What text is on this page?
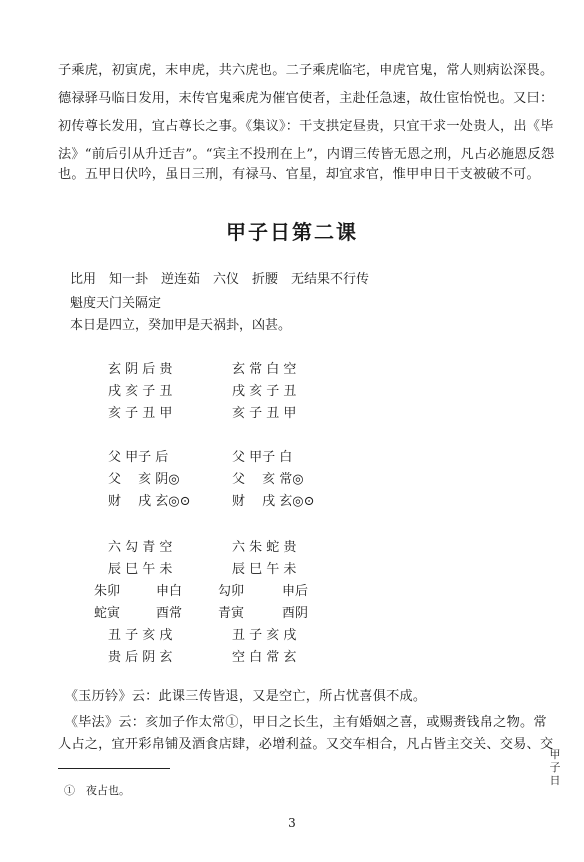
子乘虎，初寅虎，末申虎，共六虎也。二子乘虎临宅，申虎官鬼，常人则病讼深畏。
德禄驿马临日发用，末传官鬼乘虎为催官使者，主赴任急速，故仕宦怡悦也。又曰：
初传尊长发用，宜占尊长之事。《集议》：干支拱定昼贵，只宜干求一处贵人，出《毕
法》“前后引从升迁吉”。“宾主不投刑在上”，内谓三传皆无恩之刑，凡占必施恩反怨
也。五甲日伏吟，虽日三刑，有禄马、官星，却宜求官，惟甲申日干支被破不可。
甲子日第二课
比用　知一卦　逆连茹　六仪　折腰　无结果不行传
魁度天门关隔定
本日是四立，癸加甲是天祸卦，凶甚。
玄 阴 后 贵
戌 亥 子 丑
亥 子 丑 甲
玄 常 白 空
戌 亥 子 丑
亥 子 丑 甲
父 甲子 后
父 　亥 阴◎
财 　戌 玄◎⊙
父 甲子 白
父 　亥 常◎
财 　戌 玄◎⊙
六 勾 青 空
辰 巳 午 未
六 朱 蛇 贵
辰 巳 午 未
朱卯	申白	勾卯	申后
蛇寅	酉常	青寅	酉阴
丑 子 亥 戌
贵 后 阴 玄
丑 子 亥 戌
空 白 常 玄
　《玉历钤》云：此课三传皆退，又是空亡，所占忧喜俱不成。
　《毕法》云：亥加子作太常①，甲日之长生，主有婚姻之喜，或赐赉钱帛之物。常
人占之，宜开彩帛铺及酒食店肆，必增利益。又交车相合，凡占皆主交关、交易、交
①　夜占也。
3
甲
子
日
